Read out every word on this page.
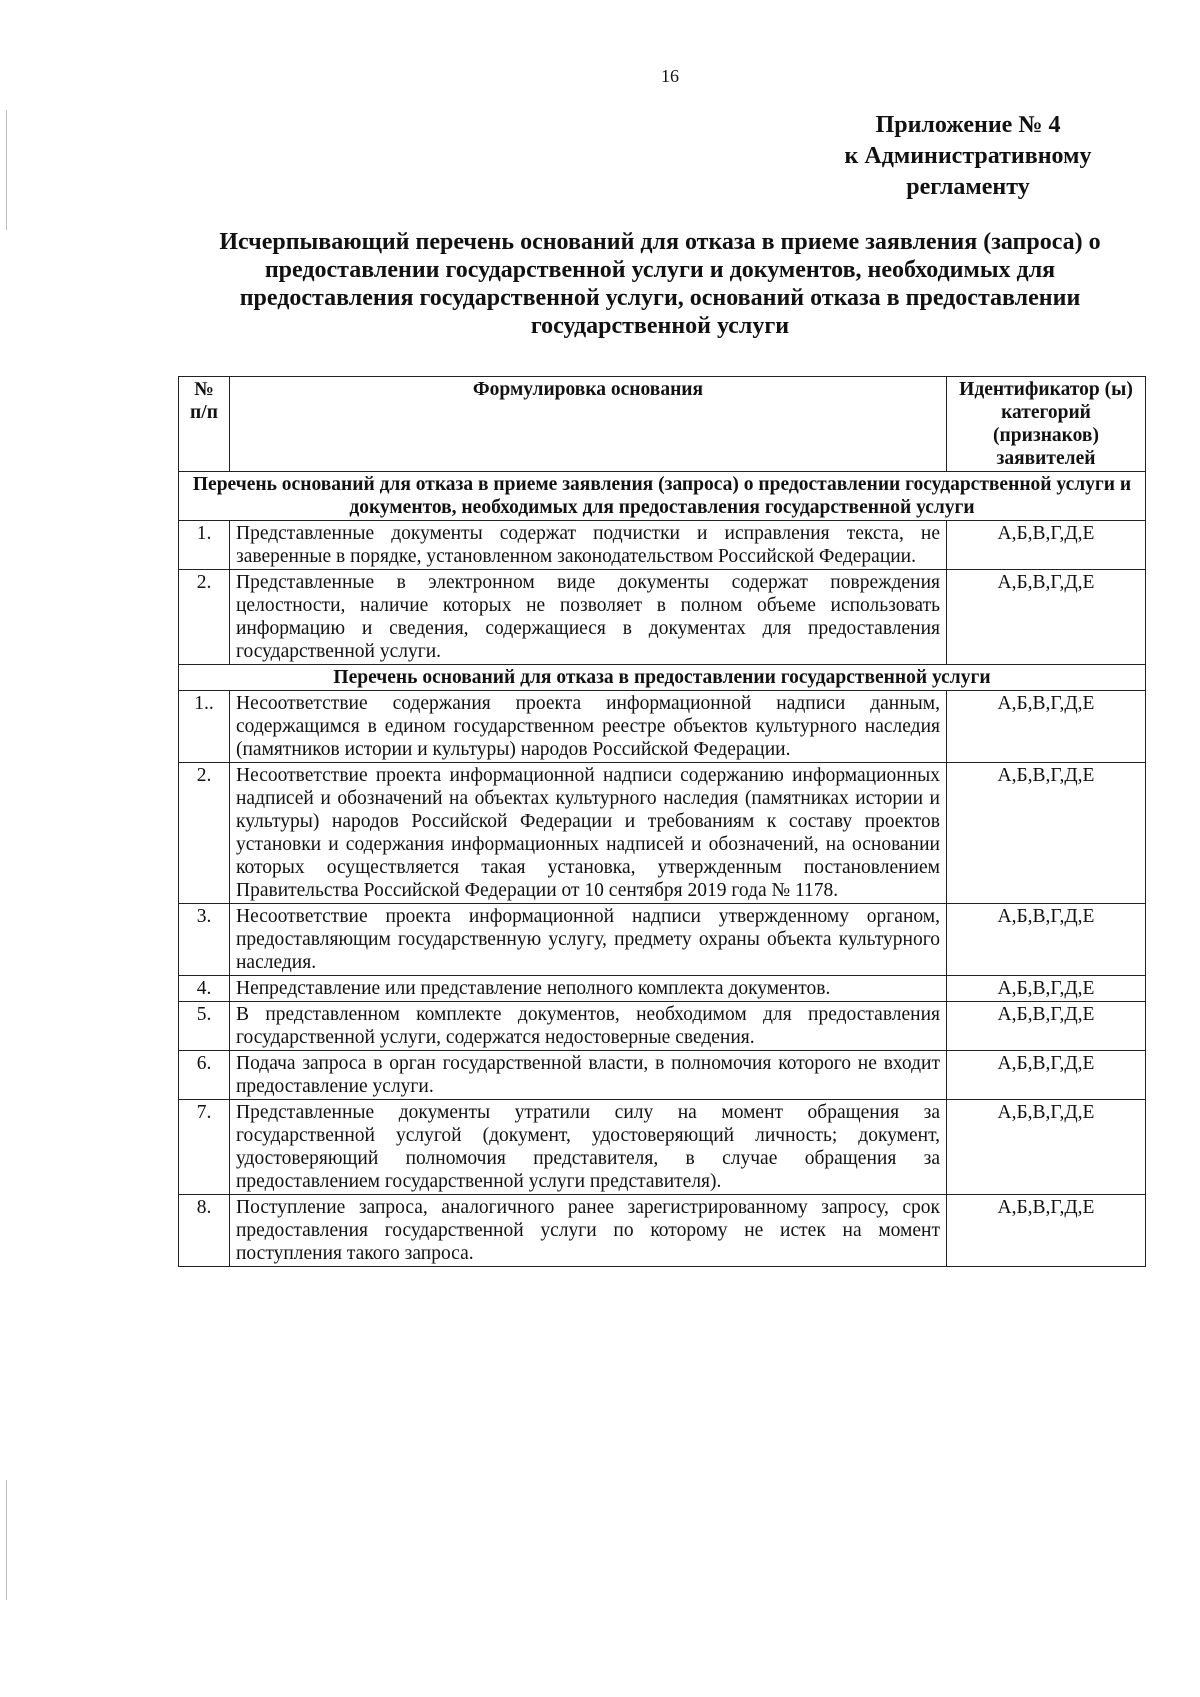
16
Приложение № 4
к Административному
регламенту
Исчерпывающий перечень оснований для отказа в приеме заявления (запроса) о предоставлении государственной услуги и документов, необходимых для предоставления государственной услуги, оснований отказа в предоставлении государственной услуги
№ п/п	Формулировка основания	Идентификатор (ы) категорий (признаков) заявителей
Перечень оснований для отказа в приеме заявления (запроса) о предоставлении государственной услуги и документов, необходимых для предоставления государственной услуги		
1.	Представленные документы содержат подчистки и исправления текста, не заверенные в порядке, установленном законодательством Российской Федерации.	А,Б,В,Г,Д,Е
2.	Представленные в электронном виде документы содержат повреждения целостности, наличие которых не позволяет в полном объеме использовать информацию и сведения, содержащиеся в документах для предоставления государственной услуги.	А,Б,В,Г,Д,Е
Перечень оснований для отказа в предоставлении государственной услуги		
1..	Несоответствие содержания проекта информационной надписи данным, содержащимся в едином государственном реестре объектов культурного наследия (памятников истории и культуры) народов Российской Федерации.	А,Б,В,Г,Д,Е
2.	Несоответствие проекта информационной надписи содержанию информационных надписей и обозначений на объектах культурного наследия (памятниках истории и культуры) народов Российской Федерации и требованиям к составу проектов установки и содержания информационных надписей и обозначений, на основании которых осуществляется такая установка, утвержденным постановлением Правительства Российской Федерации от 10 сентября 2019 года № 1178.	А,Б,В,Г,Д,Е
3.	Несоответствие проекта информационной надписи утвержденному органом, предоставляющим государственную услугу, предмету охраны объекта культурного наследия.	А,Б,В,Г,Д,Е
4.	Непредставление или представление неполного комплекта документов.	А,Б,В,Г,Д,Е
5.	В представленном комплекте документов, необходимом для предоставления государственной услуги, содержатся недостоверные сведения.	А,Б,В,Г,Д,Е
6.	Подача запроса в орган государственной власти, в полномочия которого не входит предоставление услуги.	А,Б,В,Г,Д,Е
7.	Представленные документы утратили силу на момент обращения за государственной услугой (документ, удостоверяющий личность; документ, удостоверяющий полномочия представителя, в случае обращения за предоставлением государственной услуги представителя).	А,Б,В,Г,Д,Е
8.	Поступление запроса, аналогичного ранее зарегистрированному запросу, срок предоставления государственной услуги по которому не истек на момент поступления такого запроса.	А,Б,В,Г,Д,Е
